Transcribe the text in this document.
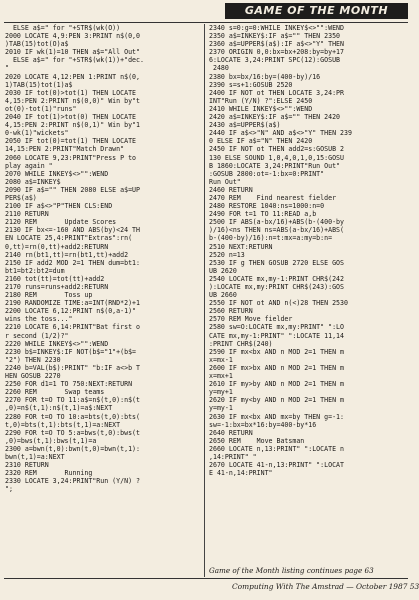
GAME OF THE MONTH
ELSE a$=" for "+STR$(wk(O))
2000 LOCATE 4,9:PEN 3:PRINT n$(0,0
)TAB(15)tot(O)a$
2010 IF wk(1)=10 THEN a$="All Out"
ELSE a$=" for "+STR$(wk(1))+"dec.
"
2020 LOCATE 4,12:PEN 1:PRINT n$(0,
1)TAB(15)tot(1)a$
2030 IF tot(0)>tot(1) THEN LOCATE
4,15:PEN 2:PRINT n$(0,0)" Win by"t
ot(0)-tot(1)"runs"
2040 IF tot(1)>tot(0) THEN LOCATE
4,15:PEN 2:PRINT n$(0,1)" Win by"1
0-wk(1)"wickets"
2050 IF tot(0)=tot(1) THEN LOCATE
14,15:PEN 2:PRINT"Match Drawn"
2060 LOCATE 9,23:PRINT"Press P to
play again "
2070 WHILE INKEY$<>"":WEND
2080 a$=INKEY$
2090 IF a$="" THEN 2080 ELSE a$=UP
PER$(a$)
2100 IF a$<>"P"THEN CLS:END
2110 RETURN
2120 REM       Update Scores
2130 IF bx<=-160 AND ABS(by)<24 TH
EN LOCATE 25,4:PRINT"Extras":rn(
0,tt)=rn(0,tt)+add2:RETURN
2140 rn(bt1,tt)=rn(bt1,tt)+add2
2150 IF add2 MOD 2=1 THEN dum=bt1:
bt1=bt2:bt2=dum
2160 tot(tt)=tot(tt)+add2
2170 runs=runs+add2:RETURN
2180 REM       Toss up
2190 RANDOMIZE TIME:a=INT(RND*2)+1
2200 LOCATE 6,12:PRINT n$(0,a-1)"
wins the toss..."
2210 LOCATE 6,14:PRINT"Bat first o
r second (1/2)?"
2220 WHILE INKEY$<>"":WEND
2230 b$=INKEY$:IF NOT(b$="1"+(b$=
"2") THEN 2230
2240 b=VAL(b$):PRINT" "b:IF a<>b T
HEN GOSUB 2270
2250 FOR d1=1 TO 750:NEXT:RETURN
2260 REM       Swap teams
2270 FOR t=O TO 11:a$=n$(t,0):n$(t
,0)=n$(t,1):n$(t,1)=a$:NEXT
2280 FOR t=O TO 10:a=bts(t,0):bts(
t,0)=bts(t,1):bts(t,1)=a:NEXT
2290 FOR t=O TO 5:a=bws(t,0):bws(t
,0)=bws(t,1):bws(t,1)=a
2300 a=bwn(t,0):bwn(t,0)=bwn(t,1):
bwn(t,1)=a:NEXT
2310 RETURN
2320 REM       Running
2330 LOCATE 3,24:PRINT"Run (Y/N) ?
";
2340 s=0:g=0:WHILE INKEY$<>"":WEND
2350 a$=INKEY$:IF a$="" THEN 2350
2360 a$=UPPER$(a$):IF a$<>"Y" THEN
2370 ORIGIN 0,0:bx=bx+208:by=by+17
6:LOCATE 3,24:PRINT SPC(12):GOSUB
2480
2380 bx=bx/16:by=(400-by)/16
2390 s=s+1:GOSUB 2520
2400 IF NOT ot THEN LOCATE 3,24:PR
INT"Run (Y/N) ?":ELSE 2450
2410 WHILE INKEY$<>"":WEND
2420 a$=INKEY$:IF a$="" THEN 2420
2430 a$=UPPER$(a$)
2440 IF a$<>"N" AND a$<>"Y" THEN 239
0 ELSE IF a$="N" THEN 2420
2450 IF NOT ot THEN add2=s:GOSUB 2
130 ELSE SOUND 1,0,4,0,1,0,15:GOSU
B 1860:LOCATE 3,24:PRINT"Run Out"
:GOSUB 2800:ot=-1:bx=0:PRINT"
Run Out"
2460 RETURN
2470 REM    Find nearest fielder
2480 RESTORE 1040:ns=1000:n=0
2490 FOR t=1 TO 11:READ a,b
2500 IF ABS(a-bx/16)+ABS(b-(400-by
)/16)<ns THEN ns=ABS(a-bx/16)+ABS(
b-(400-by)/16):n=t:mx=a:my=b:n=
2510 NEXT:RETURN
2520 n=13
2530 IF g THEN GOSUB 2720 ELSE GOS
UB 2620
2540 LOCATE mx,my-1:PRINT CHR$(242
):LOCATE mx,my:PRINT CHR$(243):GOS
UB 2660
2550 IF NOT ot AND n(<)28 THEN 2530
2560 RETURN
2570 REM Move fielder
2580 sw=O:LOCATE mx,my:PRINT" ":LO
CATE mx,my-1:PRINT" ":LOCATE 11,14
:PRINT CHR$(240)
2590 IF mx<bx AND n MOD 2=1 THEN m
x=mx-1
2600 IF mx>bx AND n MOD 2=1 THEN m
x=mx+1
2610 IF my>by AND n MOD 2=1 THEN m
y=my+1
2620 IF my<by AND n MOD 2=1 THEN m
y=my-1
2630 IF mx<bx AND mx=by THEN g=-1:
sw=-1:bx=bx*16:by=400-by*16
2640 RETURN
2650 REM    Move Batsman
2660 LOCATE n,13:PRINT" ":LOCATE n
,14:PRINT" "
2670 LOCATE 41-n,13:PRINT" ":LOCAT
E 41-n,14:PRINT"
Game of the Month listing continues page 63
Computing With The Amstrad — October 1987 53
